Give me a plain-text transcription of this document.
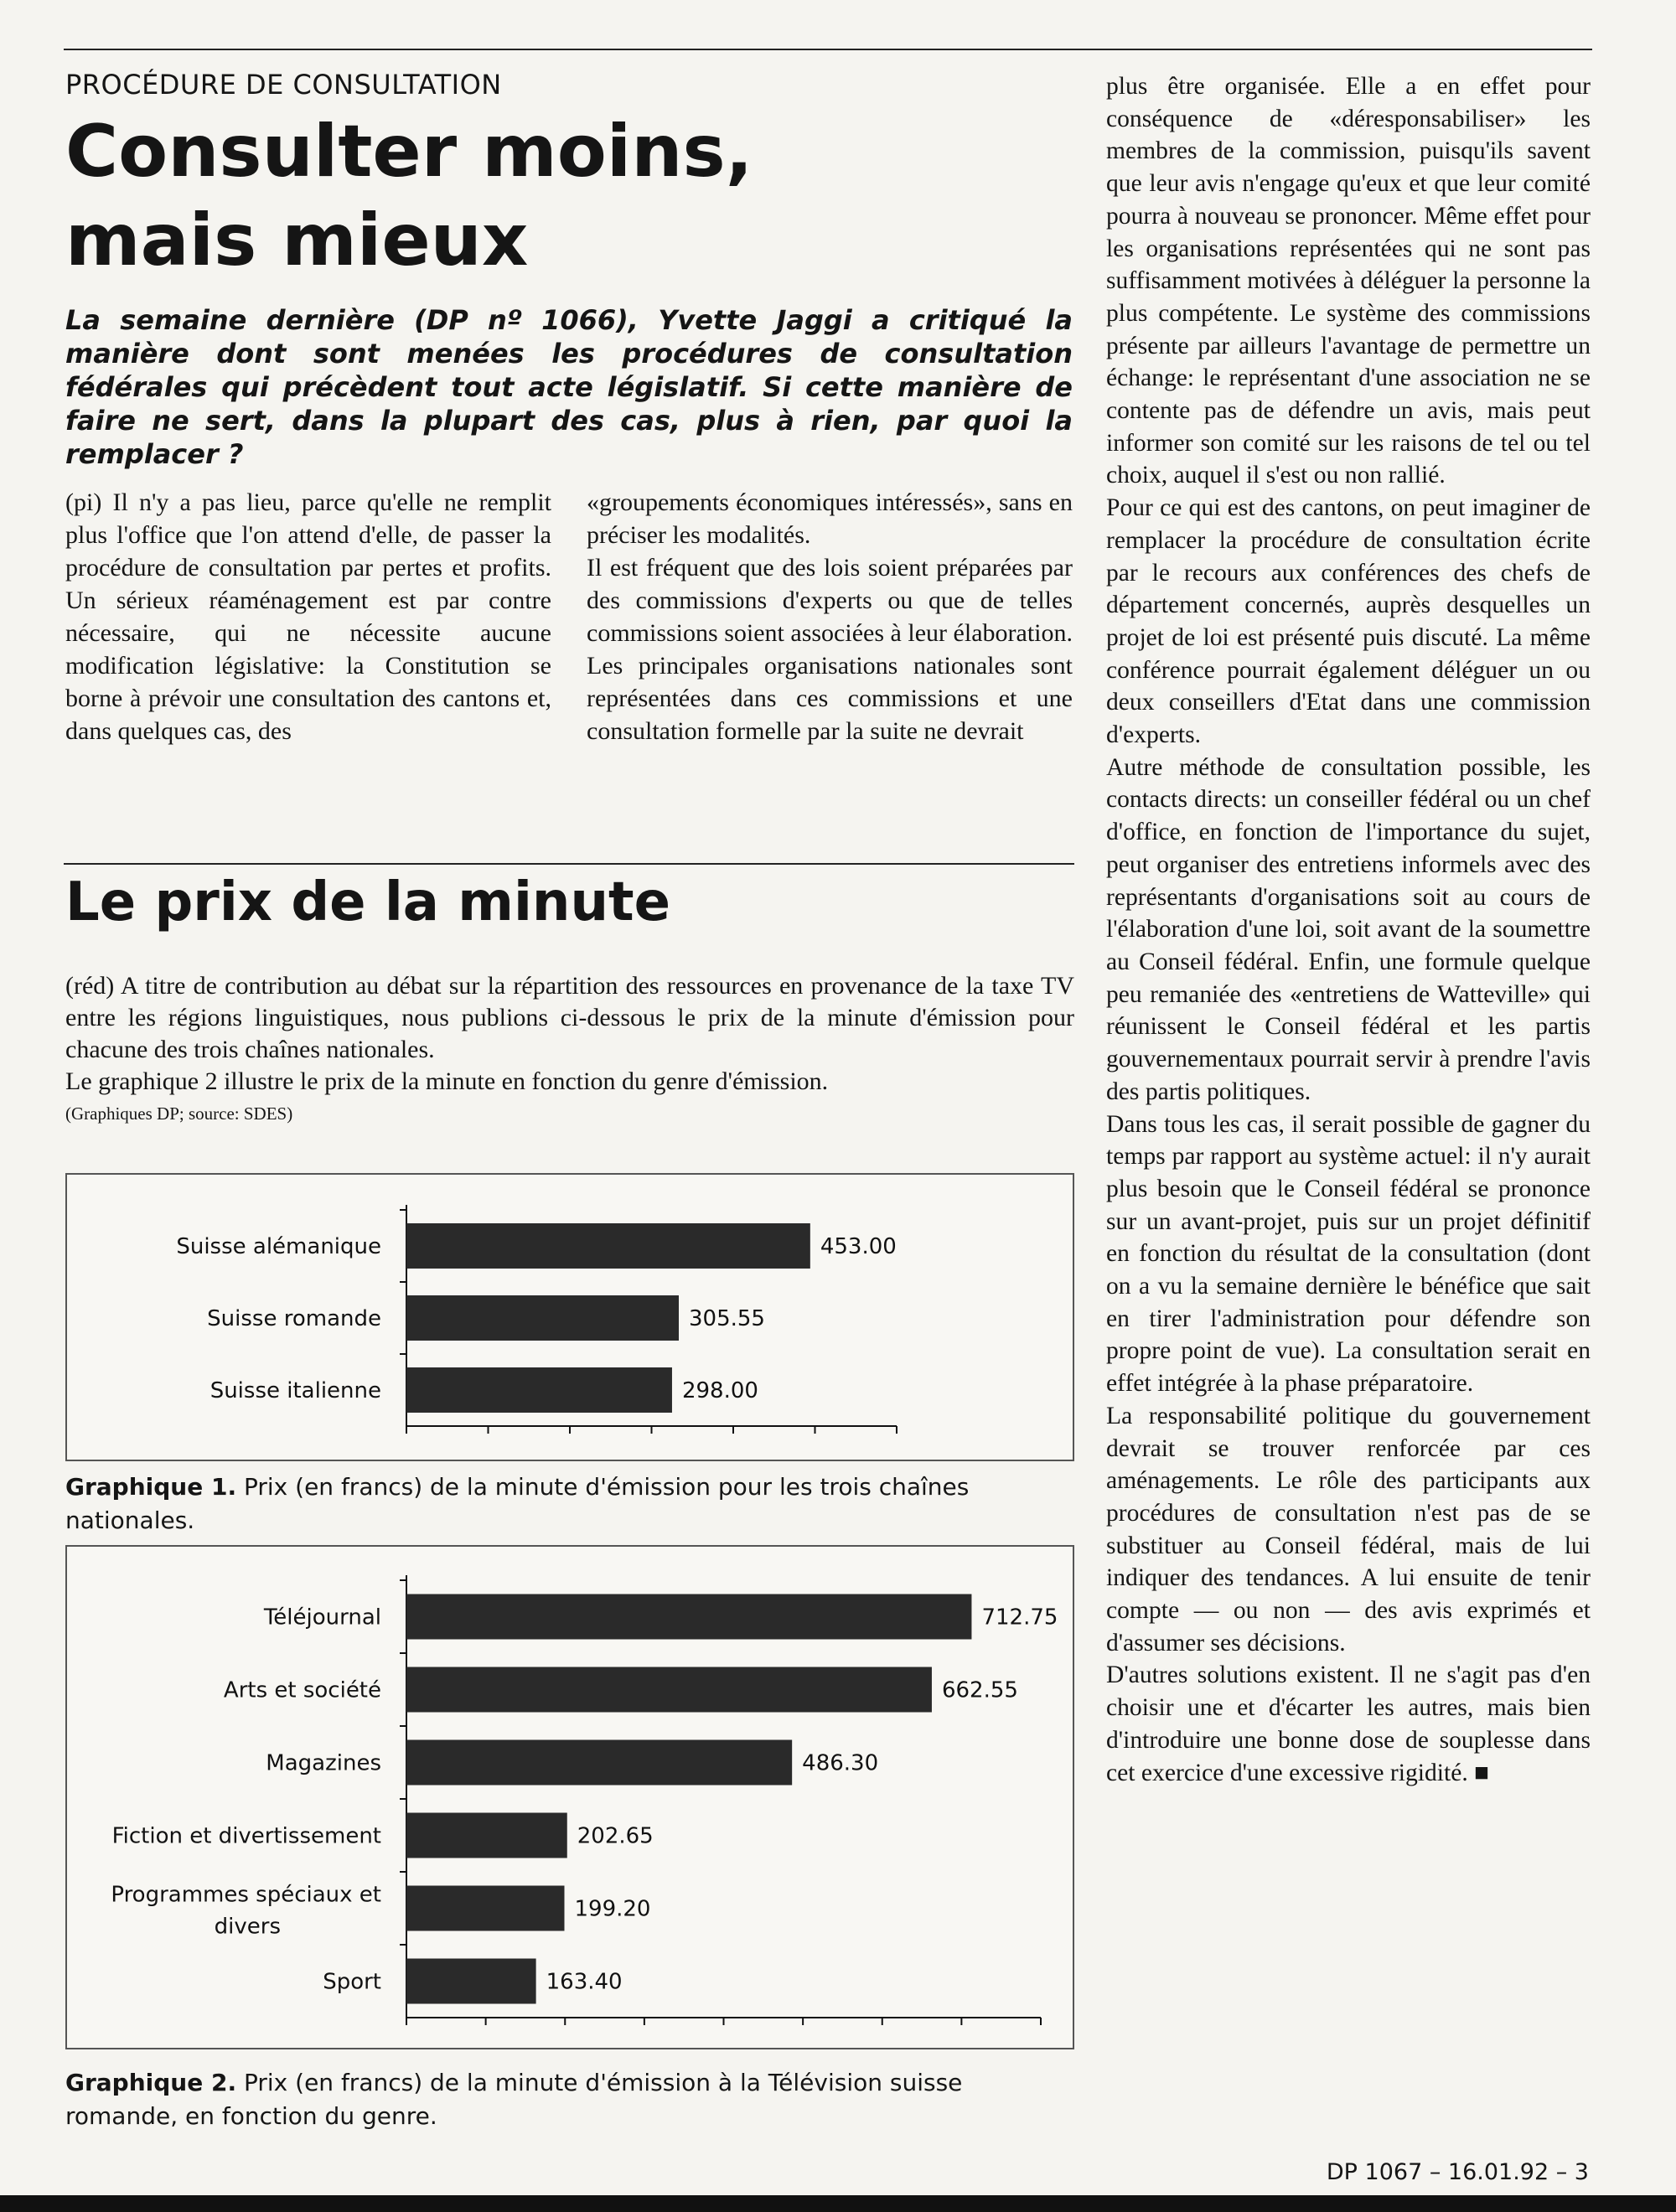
PROCÉDURE DE CONSULTATION
Consulter moins,
mais mieux

La semaine dernière (DP nº 1066), Yvette Jaggi a critiqué la manière dont sont menées les procédures de consultation fédérales qui précèdent tout acte législatif. Si cette manière de faire ne sert, dans la plupart des cas, plus à rien, par quoi la remplacer ?

(pi) Il n'y a pas lieu, parce qu'elle ne remplit plus l'office que l'on attend d'elle, de passer la procédure de consultation par pertes et profits. Un sérieux réaménagement est par contre nécessaire, qui ne nécessite aucune modification législative: la Constitution se borne à prévoir une consultation des cantons et, dans quelques cas, des

«groupements économiques intéressés», sans en préciser les modalités.

Il est fréquent que des lois soient préparées par des commissions d'experts ou que de telles commissions soient associées à leur élaboration. Les principales organisations nationales sont représentées dans ces commissions et une consultation formelle par la suite ne devrait

plus être organisée. Elle a en effet pour conséquence de «déresponsabiliser» les membres de la commission, puisqu'ils savent que leur avis n'engage qu'eux et que leur comité pourra à nouveau se prononcer. Même effet pour les organisations représentées qui ne sont pas suffisamment motivées à déléguer la personne la plus compétente. Le système des commissions présente par ailleurs l'avantage de permettre un échange: le représentant d'une association ne se contente pas de défendre un avis, mais peut informer son comité sur les raisons de tel ou tel choix, auquel il s'est ou non rallié.

Pour ce qui est des cantons, on peut imaginer de remplacer la procédure de consultation écrite par le recours aux conférences des chefs de département concernés, auprès desquelles un projet de loi est présenté puis discuté. La même conférence pourrait également déléguer un ou deux conseillers d'Etat dans une commission d'experts.

Autre méthode de consultation possible, les contacts directs: un conseiller fédéral ou un chef d'office, en fonction de l'importance du sujet, peut organiser des entretiens informels avec des représentants d'organisations soit au cours de l'élaboration d'une loi, soit avant de la soumettre au Conseil fédéral. Enfin, une formule quelque peu remaniée des «entretiens de Watteville» qui réunissent le Conseil fédéral et les partis gouvernementaux pourrait servir à prendre l'avis des partis politiques.

Dans tous les cas, il serait possible de gagner du temps par rapport au système actuel: il n'y aurait plus besoin que le Conseil fédéral se prononce sur un avant-projet, puis sur un projet définitif en fonction du résultat de la consultation (dont on a vu la semaine dernière le bénéfice que sait en tirer l'administration pour défendre son propre point de vue). La consultation serait en effet intégrée à la phase préparatoire.

La responsabilité politique du gouvernement devrait se trouver renforcée par ces aménagements. Le rôle des participants aux procédures de consultation n'est pas de se substituer au Conseil fédéral, mais de lui indiquer des tendances. A lui ensuite de tenir compte — ou non — des avis exprimés et d'assumer ses décisions.

D'autres solutions existent. Il ne s'agit pas d'en choisir une et d'écarter les autres, mais bien d'introduire une bonne dose de souplesse dans cet exercice d'une excessive rigidité. ■

Le prix de la minute

(réd) A titre de contribution au débat sur la répartition des ressources en provenance de la taxe TV entre les régions linguistiques, nous publions ci-dessous le prix de la minute d'émission pour chacune des trois chaînes nationales.

Le graphique 2 illustre le prix de la minute en fonction du genre d'émission.

(Graphiques DP; source: SDES)

Suisse alémanique	453.00
Suisse romande	305.55
Suisse italienne	298.00

Graphique 1. Prix (en francs) de la minute d'émission pour les trois chaînes nationales.

Téléjournal	712.75
Arts et société	662.55
Magazines	486.30
Fiction et divertissement	202.65
Programmes spéciaux et divers
199.20
Sport	163.40

Graphique 2. Prix (en francs) de la minute d'émission à la Télévision suisse romande, en fonction du genre.

DP 1067 – 16.01.92 – 3
